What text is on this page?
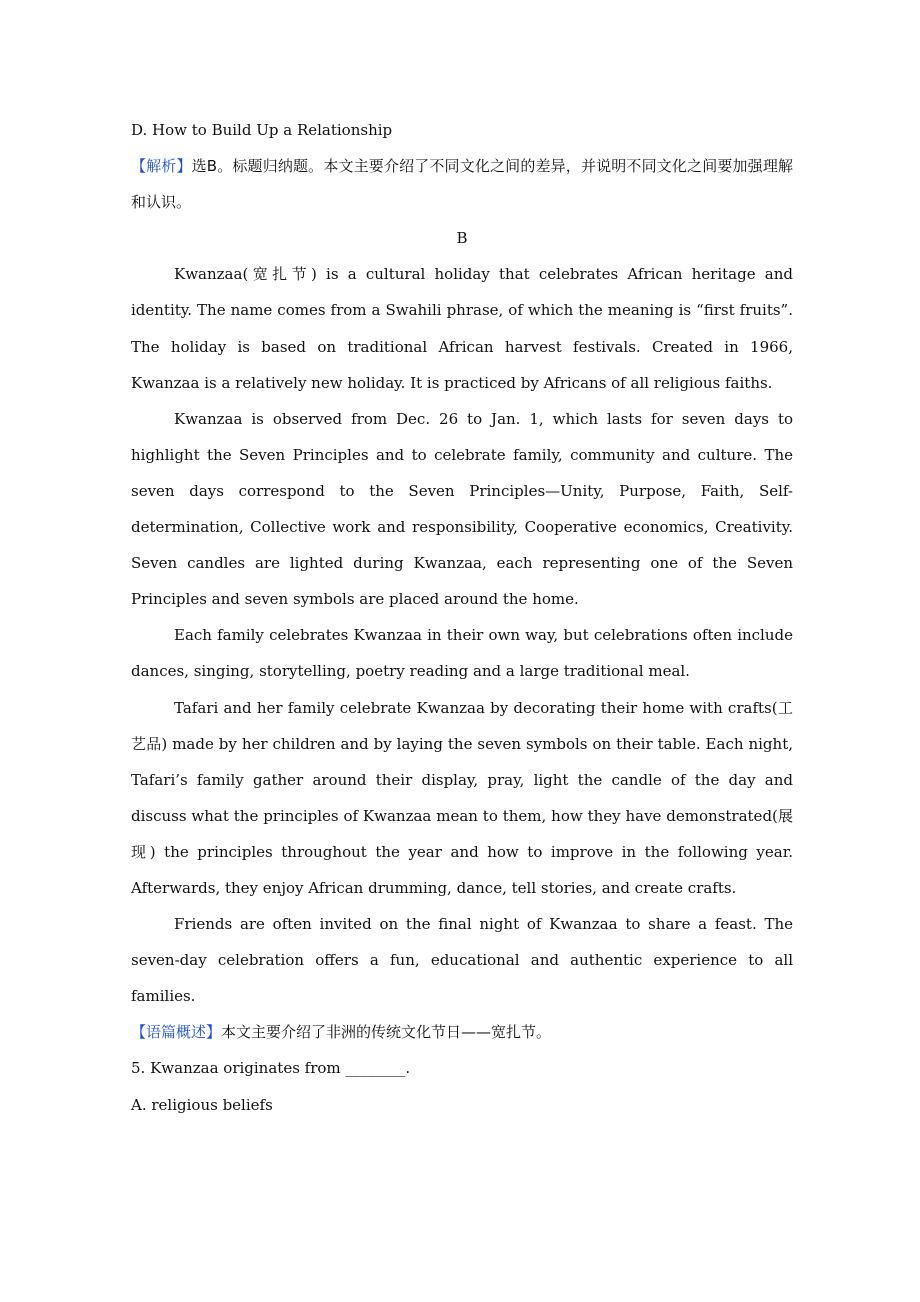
D. How to Build Up a Relationship

【解析】选B。标题归纳题。本文主要介绍了不同文化之间的差异，并说明不同文化之间要加强理解和认识。

B

Kwanzaa(宽扎节) is a cultural holiday that celebrates African heritage and identity. The name comes from a Swahili phrase, of which the meaning is “first fruits”. The holiday is based on traditional African harvest festivals. Created in 1966, Kwanzaa is a relatively new holiday. It is practiced by Africans of all religious faiths.

Kwanzaa is observed from Dec. 26 to Jan. 1, which lasts for seven days to highlight the Seven Principles and to celebrate family, community and culture. The seven days correspond to the Seven Principles—Unity, Purpose, Faith, Self-determination, Collective work and responsibility, Cooperative economics, Creativity. Seven candles are lighted during Kwanzaa, each representing one of the Seven Principles and seven symbols are placed around the home.

Each family celebrates Kwanzaa in their own way, but celebrations often include dances, singing, storytelling, poetry reading and a large traditional meal.

Tafari and her family celebrate Kwanzaa by decorating their home with crafts(工艺品) made by her children and by laying the seven symbols on their table. Each night, Tafari’s family gather around their display, pray, light the candle of the day and discuss what the principles of Kwanzaa mean to them, how they have demonstrated(展现) the principles throughout the year and how to improve in the following year. Afterwards, they enjoy African drumming, dance, tell stories, and create crafts.

Friends are often invited on the final night of Kwanzaa to share a feast. The seven-day celebration offers a fun, educational and authentic experience to all families.

【语篇概述】本文主要介绍了非洲的传统文化节日——宽扎节。

5. Kwanzaa originates from ________.

A. religious beliefs
